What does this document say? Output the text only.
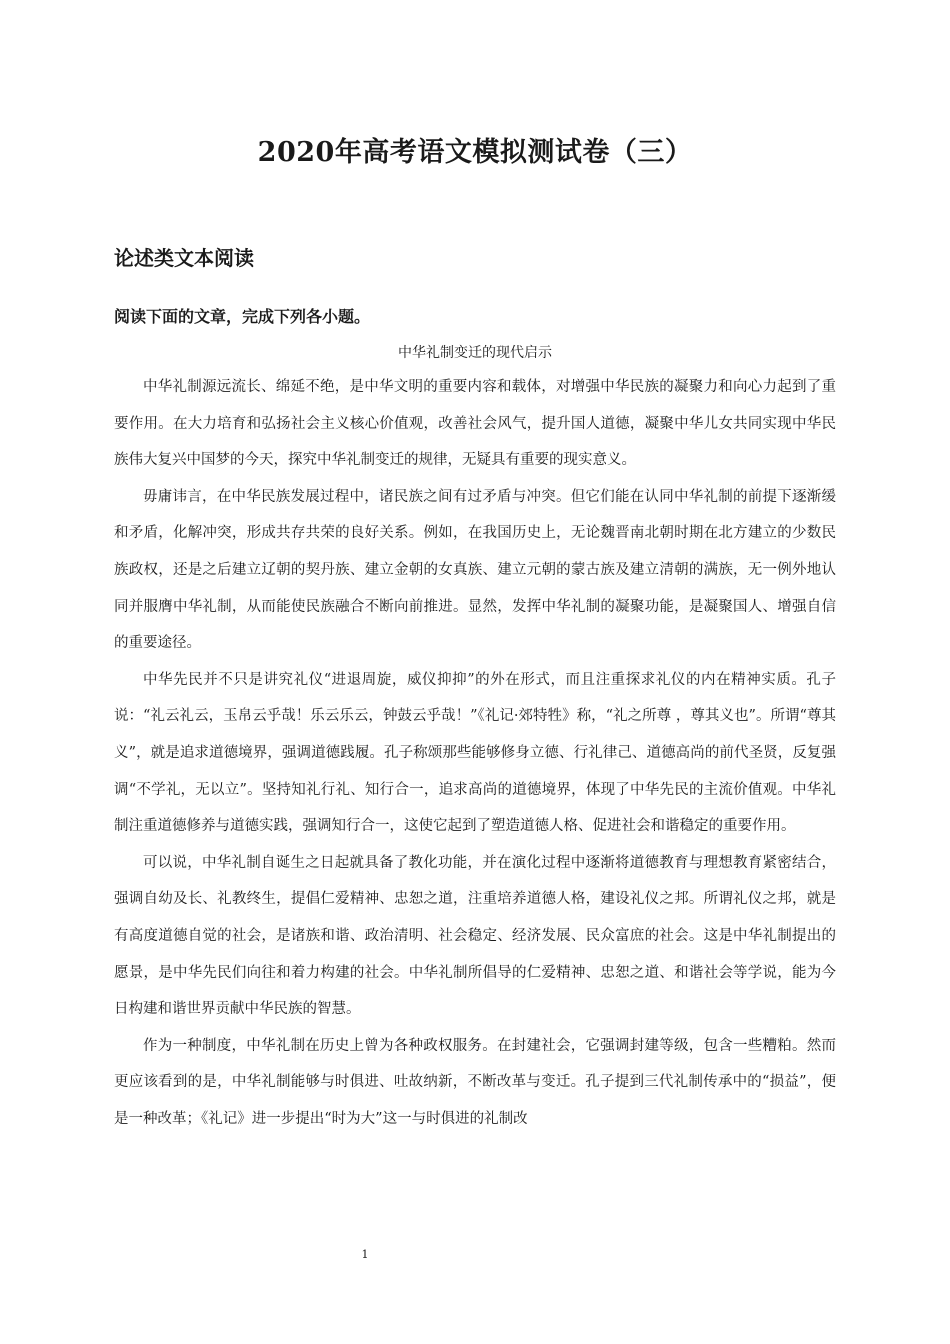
2020年高考语文模拟测试卷（三）
论述类文本阅读
阅读下面的文章，完成下列各小题。
中华礼制变迁的现代启示

中华礼制源远流长、绵延不绝，是中华文明的重要内容和载体，对增强中华民族的凝聚力和向心力起到了重要作用。在大力培育和弘扬社会主义核心价值观，改善社会风气，提升国人道德，凝聚中华儿女共同实现中华民族伟大复兴中国梦的今天，探究中华礼制变迁的规律，无疑具有重要的现实意义。

毋庸讳言，在中华民族发展过程中，诸民族之间有过矛盾与冲突。但它们能在认同中华礼制的前提下逐渐缓和矛盾，化解冲突，形成共存共荣的良好关系。例如，在我国历史上，无论魏晋南北朝时期在北方建立的少数民族政权，还是之后建立辽朝的契丹族、建立金朝的女真族、建立元朝的蒙古族及建立清朝的满族，无一例外地认同并服膺中华礼制，从而能使民族融合不断向前推进。显然，发挥中华礼制的凝聚功能，是凝聚国人、增强自信的重要途径。

中华先民并不只是讲究礼仪“进退周旋，威仪抑抑”的外在形式，而且注重探求礼仪的内在精神实质。孔子说：“礼云礼云，玉帛云乎哉！乐云乐云，钟鼓云乎哉！”《礼记·郊特牲》称，“礼之所尊 ，尊其义也”。所谓“尊其义”，就是追求道德境界，强调道德践履。孔子称颂那些能够修身立德、行礼律己、道德高尚的前代圣贤，反复强调“不学礼，无以立”。坚持知礼行礼、知行合一，追求高尚的道德境界，体现了中华先民的主流价值观。中华礼制注重道德修养与道德实践，强调知行合一，这使它起到了塑造道德人格、促进社会和谐稳定的重要作用。

可以说，中华礼制自诞生之日起就具备了教化功能，并在演化过程中逐渐将道德教育与理想教育紧密结合，强调自幼及长、礼教终生，提倡仁爱精神、忠恕之道，注重培养道德人格，建设礼仪之邦。所谓礼仪之邦，就是有高度道德自觉的社会，是诸族和谐、政治清明、社会稳定、经济发展、民众富庶的社会。这是中华礼制提出的愿景，是中华先民们向往和着力构建的社会。中华礼制所倡导的仁爱精神、忠恕之道、和谐社会等学说，能为今日构建和谐世界贡献中华民族的智慧。

作为一种制度，中华礼制在历史上曾为各种政权服务。在封建社会，它强调封建等级，包含一些糟粕。然而更应该看到的是，中华礼制能够与时俱进、吐故纳新，不断改革与变迁。孔子提到三代礼制传承中的“损益”，便是一种改革；《礼记》进一步提出“时为大”这一与时俱进的礼制改

1
